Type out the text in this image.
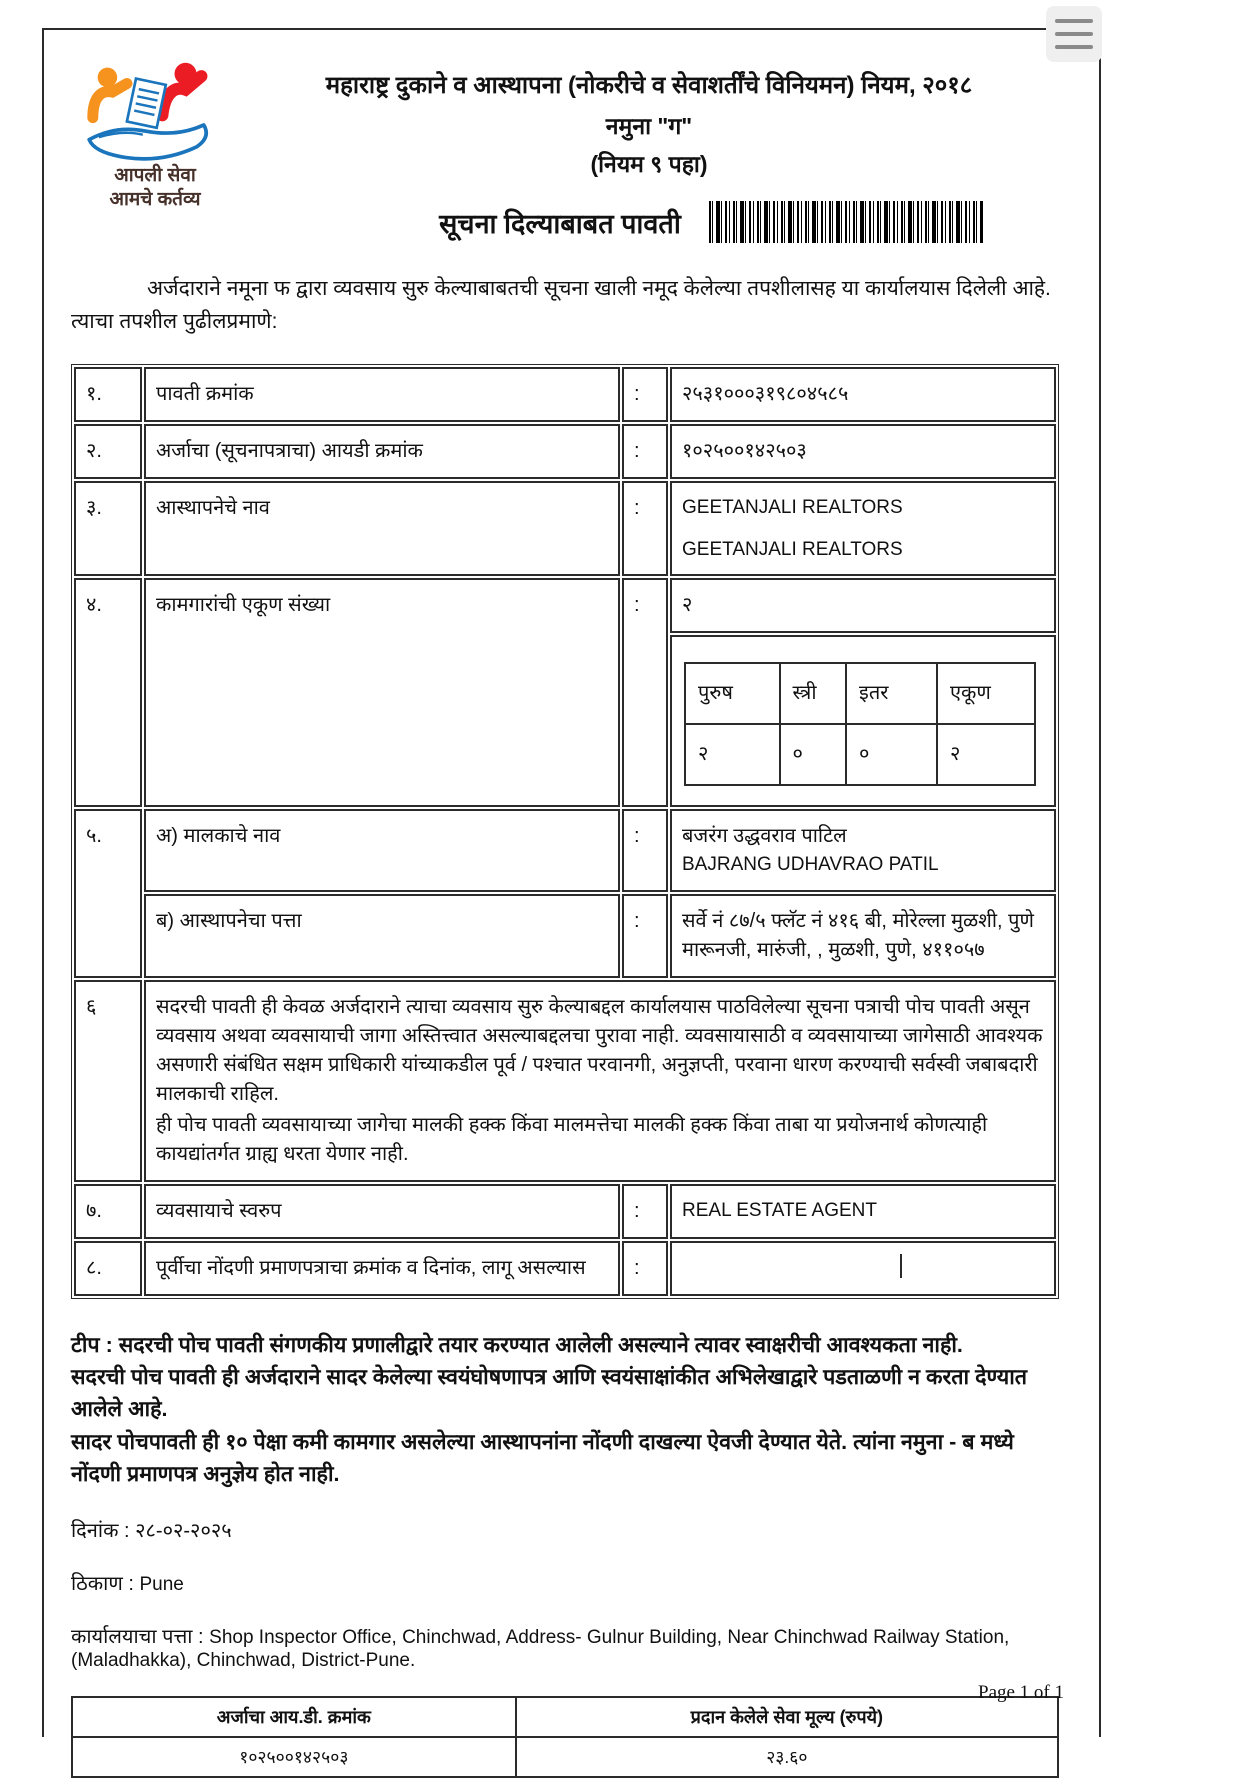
आपली सेवा
आमचे कर्तव्य
महाराष्ट्र दुकाने व आस्थापना (नोकरीचे व सेवाशर्तींचे विनियमन) नियम, २०१८
नमुना "ग"
(नियम ९ पहा)
सूचना दिल्याबाबत पावती

अर्जदाराने नमूना फ द्वारा व्यवसाय सुरु केल्याबाबतची सूचना खाली नमूद केलेल्या तपशीलासह या कार्यालयास दिलेली आहे. त्याचा तपशील पुढीलप्रमाणे:

१.	पावती क्रमांक	:	२५३१०००३१९८०४५८५
२.	अर्जाचा (सूचनापत्राचा) आयडी क्रमांक	:	१०२५००१४२५०३
३.	आस्थापनेचे नाव	:	GEETANJALI REALTORS
GEETANJALI REALTORS

४.	कामगारांची एकूण संख्या	:	२

पुरुष	स्त्री	इतर	एकूण
२	०	०	२

५.	अ) मालकाचे नाव	:	बजरंग उद्धवराव पाटिल
BAJRANG UDHAVRAO PATIL

ब) आस्थापनेचा पत्ता	:	सर्वे नं ८७/५ फ्लॅट नं ४१६ बी, मोरेल्ला मुळशी, पुणे मारूनजी, मारुंजी, , मुळशी, पुणे, ४११०५७
६	सदरची पावती ही केवळ अर्जदाराने त्याचा व्यवसाय सुरु केल्याबद्दल कार्यालयास पाठविलेल्या सूचना पत्राची पोच पावती असून व्यवसाय अथवा व्यवसायाची जागा अस्तित्त्वात असल्याबद्दलचा पुरावा नाही. व्यवसायासाठी व व्यवसायाच्या जागेसाठी आवश्यक असणारी संबंधित सक्षम प्राधिकारी यांच्याकडील पूर्व / पश्चात परवानगी, अनुज्ञप्ती, परवाना धारण करण्याची सर्वस्वी जबाबदारी मालकाची राहिल.
ही पोच पावती व्यवसायाच्या जागेचा मालकी हक्क किंवा मालमत्तेचा मालकी हक्क किंवा ताबा या प्रयोजनार्थ कोणत्याही कायद्यांतर्गत ग्राह्य धरता येणार नाही.

७.	व्यवसायाचे स्वरुप	:	REAL ESTATE AGENT
८.	पूर्वीचा नोंदणी प्रमाणपत्राचा क्रमांक व दिनांक, लागू असल्यास	:	

टीप : सदरची पोच पावती संगणकीय प्रणालीद्वारे तयार करण्यात आलेली असल्याने त्यावर स्वाक्षरीची आवश्यकता नाही.

सदरची पोच पावती ही अर्जदाराने सादर केलेल्या स्वयंघोषणापत्र आणि स्वयंसाक्षांकीत अभिलेखाद्वारे पडताळणी न करता देण्यात आलेले आहे.

सादर पोचपावती ही १० पेक्षा कमी कामगार असलेल्या आस्थापनांना नोंदणी दाखल्या ऐवजी देण्यात येते. त्यांना नमुना - ब मध्ये नोंदणी प्रमाणपत्र अनुज्ञेय होत नाही.

दिनांक : २८-०२-२०२५
ठिकाण : Pune
कार्यालयाचा पत्ता : Shop Inspector Office, Chinchwad, Address- Gulnur Building, Near Chinchwad Railway Station, (Maladhakka), Chinchwad, District-Pune.
अर्जाचा आय.डी. क्रमांक	प्रदान केलेले सेवा मूल्य (रुपये)
१०२५००१४२५०३	२३.६०
Page 1 of 1
